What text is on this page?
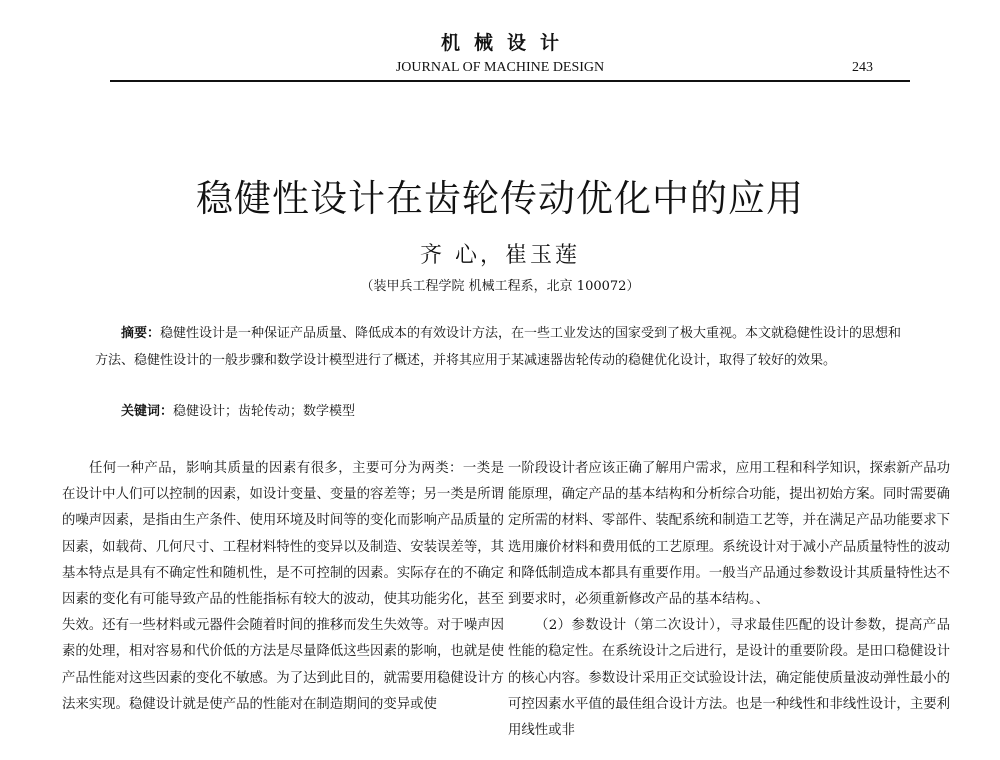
机械设计
JOURNAL OF MACHINE DESIGN	243
稳健性设计在齿轮传动优化中的应用
齐 心，崔玉莲
（装甲兵工程学院 机械工程系，北京 100072）

摘要：稳健性设计是一种保证产品质量、降低成本的有效设计方法，在一些工业发达的国家受到了极大重视。本文就稳健性设计的思想和方法、稳健性设计的一般步骤和数学设计模型进行了概述，并将其应用于某减速器齿轮传动的稳健优化设计，取得了较好的效果。

关键词：稳健设计；齿轮传动；数学模型

任何一种产品，影响其质量的因素有很多，主要可分为两类：一类是在设计中人们可以控制的因素，如设计变量、变量的容差等；另一类是所谓的噪声因素，是指由生产条件、使用环境及时间等的变化而影响产品质量的因素，如载荷、几何尺寸、工程材料特性的变异以及制造、安装误差等，其基本特点是具有不确定性和随机性，是不可控制的因素。实际存在的不确定因素的变化有可能导致产品的性能指标有较大的波动，使其功能劣化，甚至失效。还有一些材料或元器件会随着时间的推移而发生失效等。对于噪声因素的处理，相对容易和代价低的方法是尽量降低这些因素的影响，也就是使产品性能对这些因素的变化不敏感。为了达到此目的，就需要用稳健设计方法来实现。稳健设计就是使产品的性能对在制造期间的变异或使

一阶段设计者应该正确了解用户需求，应用工程和科学知识，探索新产品功能原理，确定产品的基本结构和分析综合功能，提出初始方案。同时需要确定所需的材料、零部件、装配系统和制造工艺等，并在满足产品功能要求下选用廉价材料和费用低的工艺原理。系统设计对于减小产品质量特性的波动和降低制造成本都具有重要作用。一般当产品通过参数设计其质量特性达不到要求时，必须重新修改产品的基本结构。、

（2）参数设计（第二次设计），寻求最佳匹配的设计参数，提高产品性能的稳定性。在系统设计之后进行，是设计的重要阶段。是田口稳健设计的核心内容。参数设计采用正交试验设计法，确定能使质量波动弹性最小的可控因素水平值的最佳组合设计方法。也是一种线性和非线性设计，主要利用线性或非
